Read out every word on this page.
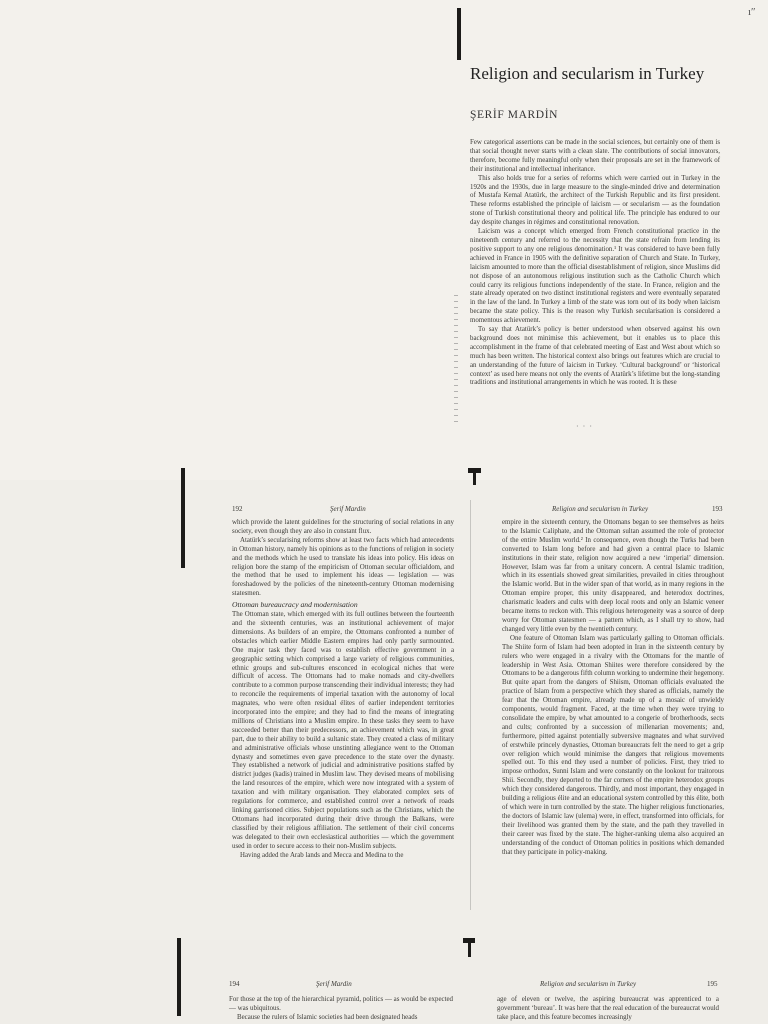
ıʺ
Religion and secularism in Turkey
ŞERİF MARDİN

Few categorical assertions can be made in the social sciences, but certainly one of them is that social thought never starts with a clean slate. The contributions of social innovators, therefore, become fully meaningful only when their proposals are set in the framework of their institutional and intellectual inheritance.

This also holds true for a series of reforms which were carried out in Turkey in the 1920s and the 1930s, due in large measure to the single-minded drive and determination of Mustafa Kemal Atatürk, the architect of the Turkish Republic and its first president. These reforms established the principle of laicism — or secularism — as the foundation stone of Turkish constitutional theory and political life. The principle has endured to our day despite changes in régimes and constitutional renovation.

Laicism was a concept which emerged from French constitutional practice in the nineteenth century and referred to the necessity that the state refrain from lending its positive support to any one religious denomination.¹ It was considered to have been fully achieved in France in 1905 with the definitive separation of Church and State. In Turkey, laicism amounted to more than the official disestablishment of religion, since Muslims did not dispose of an autonomous religious institution such as the Catholic Church which could carry its religious functions independently of the state. In France, religion and the state already operated on two distinct institutional registers and were eventually separated in the law of the land. In Turkey a limb of the state was torn out of its body when laicism became the state policy. This is the reason why Turkish secularisation is considered a momentous achievement.

To say that Atatürk’s policy is better understood when observed against his own background does not minimise this achievement, but it enables us to place this accomplishment in the frame of that celebrated meeting of East and West about which so much has been written. The historical context also brings out features which are crucial to an understanding of the future of laicism in Turkey. ‘Cultural background’ or ‘historical context’ as used here means not only the events of Atatürk’s lifetime but the long-standing traditions and institutional arrangements in which he was rooted. It is these

· · ·
192	Şerif Mardin

which provide the latent guidelines for the structuring of social relations in any society, even though they are also in constant flux.

Atatürk’s secularising reforms show at least two facts which had antecedents in Ottoman history, namely his opinions as to the functions of religion in society and the methods which he used to translate his ideas into policy. His ideas on religion bore the stamp of the empiricism of Ottoman secular officialdom, and the method that he used to implement his ideas — legislation — was foreshadowed by the policies of the nineteenth-century Ottoman modernising statesmen.

Ottoman bureaucracy and modernisation

The Ottoman state, which emerged with its full outlines between the fourteenth and the sixteenth centuries, was an institutional achievement of major dimensions. As builders of an empire, the Ottomans confronted a number of obstacles which earlier Middle Eastern empires had only partly surmounted. One major task they faced was to establish effective government in a geographic setting which comprised a large variety of religious communities, ethnic groups and sub-cultures ensconced in ecological niches that were difficult of access. The Ottomans had to make nomads and city-dwellers contribute to a common purpose transcending their individual interests; they had to reconcile the requirements of imperial taxation with the autonomy of local magnates, who were often residual élites of earlier independent territories incorporated into the empire; and they had to find the means of integrating millions of Christians into a Muslim empire. In these tasks they seem to have succeeded better than their predecessors, an achievement which was, in great part, due to their ability to build a sultanic state. They created a class of military and administrative officials whose unstinting allegiance went to the Ottoman dynasty and sometimes even gave precedence to the state over the dynasty. They established a network of judicial and administrative positions staffed by district judges (kadis) trained in Muslim law. They devised means of mobilising the land resources of the empire, which were now integrated with a system of taxation and with military organisation. They elaborated complex sets of regulations for commerce, and established control over a network of roads linking garrisoned cities. Subject populations such as the Christians, which the Ottomans had incorporated during their drive through the Balkans, were classified by their religious affiliation. The settlement of their civil concerns was delegated to their own ecclesiastical authorities — which the government used in order to secure access to their non-Muslim subjects.

Having added the Arab lands and Mecca and Medina to the

Religion and secularism in Turkey	193

empire in the sixteenth century, the Ottomans began to see themselves as heirs to the Islamic Caliphate, and the Ottoman sultan assumed the role of protector of the entire Muslim world.² In consequence, even though the Turks had been converted to Islam long before and had given a central place to Islamic institutions in their state, religion now acquired a new ‘imperial’ dimension. However, Islam was far from a unitary concern. A central Islamic tradition, which in its essentials showed great similarities, prevailed in cities throughout the Islamic world. But in the wider span of that world, as in many regions in the Ottoman empire proper, this unity disappeared, and heterodox doctrines, charismatic leaders and cults with deep local roots and only an Islamic veneer became items to reckon with. This religious heterogeneity was a source of deep worry for Ottoman statesmen — a pattern which, as I shall try to show, had changed very little even by the twentieth century.

One feature of Ottoman Islam was particularly galling to Ottoman officials. The Shiite form of Islam had been adopted in Iran in the sixteenth century by rulers who were engaged in a rivalry with the Ottomans for the mantle of leadership in West Asia. Ottoman Shiites were therefore considered by the Ottomans to be a dangerous fifth column working to undermine their hegemony. But quite apart from the dangers of Shiism, Ottoman officials evaluated the practice of Islam from a perspective which they shared as officials, namely the fear that the Ottoman empire, already made up of a mosaic of unwieldy components, would fragment. Faced, at the time when they were trying to consolidate the empire, by what amounted to a congerie of brotherhoods, sects and cults; confronted by a succession of millenarian movements; and, furthermore, pitted against potentially subversive magnates and what survived of erstwhile princely dynasties, Ottoman bureaucrats felt the need to get a grip over religion which would minimise the dangers that religious movements spelled out. To this end they used a number of policies. First, they tried to impose orthodox, Sunni Islam and were constantly on the lookout for traitorous Shii. Secondly, they deported to the far corners of the empire heterodox groups which they considered dangerous. Thirdly, and most important, they engaged in building a religious élite and an educational system controlled by this élite, both of which were in turn controlled by the state. The higher religious functionaries, the doctors of Islamic law (ulema) were, in effect, transformed into officials, for their livelihood was granted them by the state, and the path they travelled in their career was fixed by the state. The higher-ranking ulema also acquired an understanding of the conduct of Ottoman politics in positions which demanded that they participate in policy-making.

194	Şerif Mardin

For those at the top of the hierarchical pyramid, politics — as would be expected — was ubiquitous.

Because the rulers of Islamic societies had been designated heads

Religion and secularism in Turkey	195

age of eleven or twelve, the aspiring bureaucrat was apprenticed to a government ‘bureau’. It was here that the real education of the bureaucrat would take place, and this feature becomes increasingly
